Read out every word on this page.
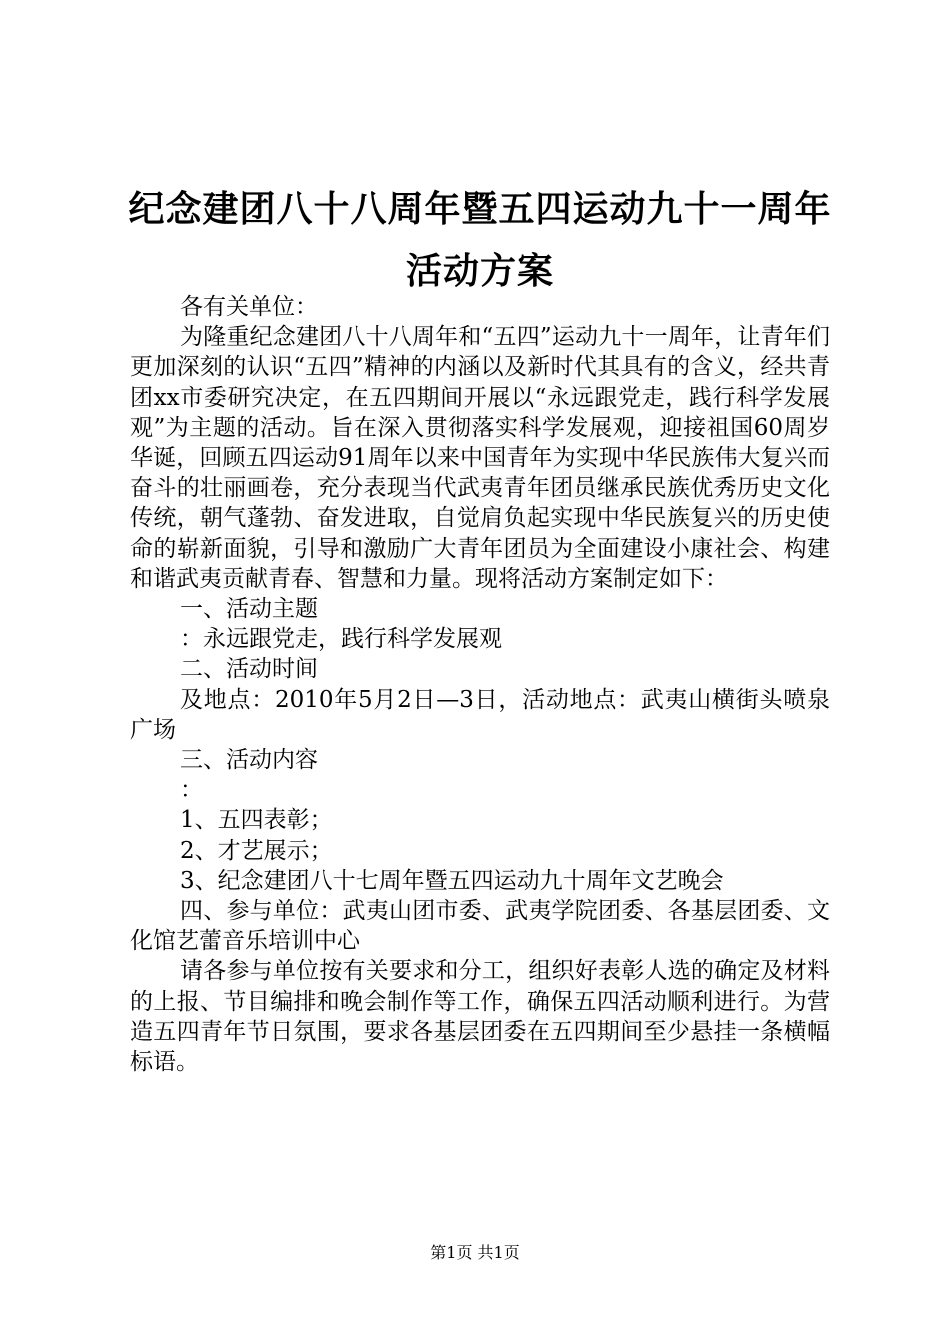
纪念建团八十八周年暨五四运动九十一周年活动方案

各有关单位：

为隆重纪念建团八十八周年和“五四”运动九十一周年，让青年们更加深刻的认识“五四”精神的内涵以及新时代其具有的含义，经共青团xx市委研究决定，在五四期间开展以“永远跟党走，践行科学发展观”为主题的活动。旨在深入贯彻落实科学发展观，迎接祖国60周岁华诞，回顾五四运动91周年以来中国青年为实现中华民族伟大复兴而奋斗的壮丽画卷，充分表现当代武夷青年团员继承民族优秀历史文化传统，朝气蓬勃、奋发进取，自觉肩负起实现中华民族复兴的历史使命的崭新面貌，引导和激励广大青年团员为全面建设小康社会、构建和谐武夷贡献青春、智慧和力量。现将活动方案制定如下：

一、活动主题

：永远跟党走，践行科学发展观

二、活动时间

及地点：2010年5月2日—3日，活动地点：武夷山横街头喷泉广场

三、活动内容

：

1、五四表彰；

2、才艺展示；

3、纪念建团八十七周年暨五四运动九十周年文艺晚会

四、参与单位：武夷山团市委、武夷学院团委、各基层团委、文化馆艺蕾音乐培训中心

请各参与单位按有关要求和分工，组织好表彰人选的确定及材料的上报、节目编排和晚会制作等工作，确保五四活动顺利进行。为营造五四青年节日氛围，要求各基层团委在五四期间至少悬挂一条横幅标语。

第1页 共1页
